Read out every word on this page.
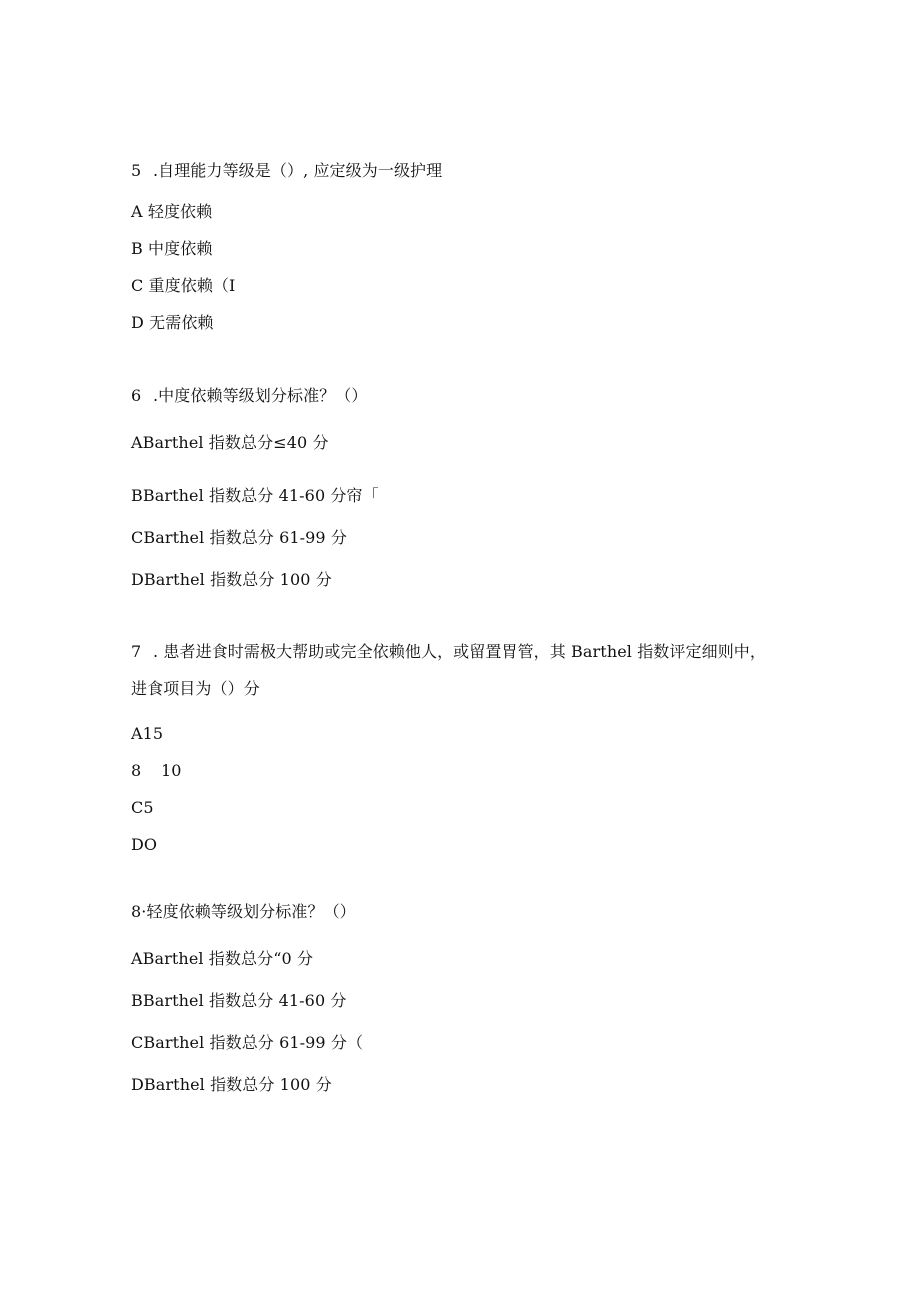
5 .自理能力等级是（）, 应定级为一级护理
A 轻度依赖
B 中度依赖
C 重度依赖（I
D 无需依赖
6 .中度依赖等级划分标准？（）
ABarthel 指数总分≤40 分
BBarthel 指数总分 41-60 分帘「
CBarthel 指数总分 61-99 分
DBarthel 指数总分 100 分
7 . 患者进食时需极大帮助或完全依赖他人，或留置胃管，其 Barthel 指数评定细则中，
进食项目为（）分
A15
8 10
C5
DO
8·轻度依赖等级划分标准？（）
ABarthel 指数总分“0 分
BBarthel 指数总分 41-60 分
CBarthel 指数总分 61-99 分（
DBarthel 指数总分 100 分
